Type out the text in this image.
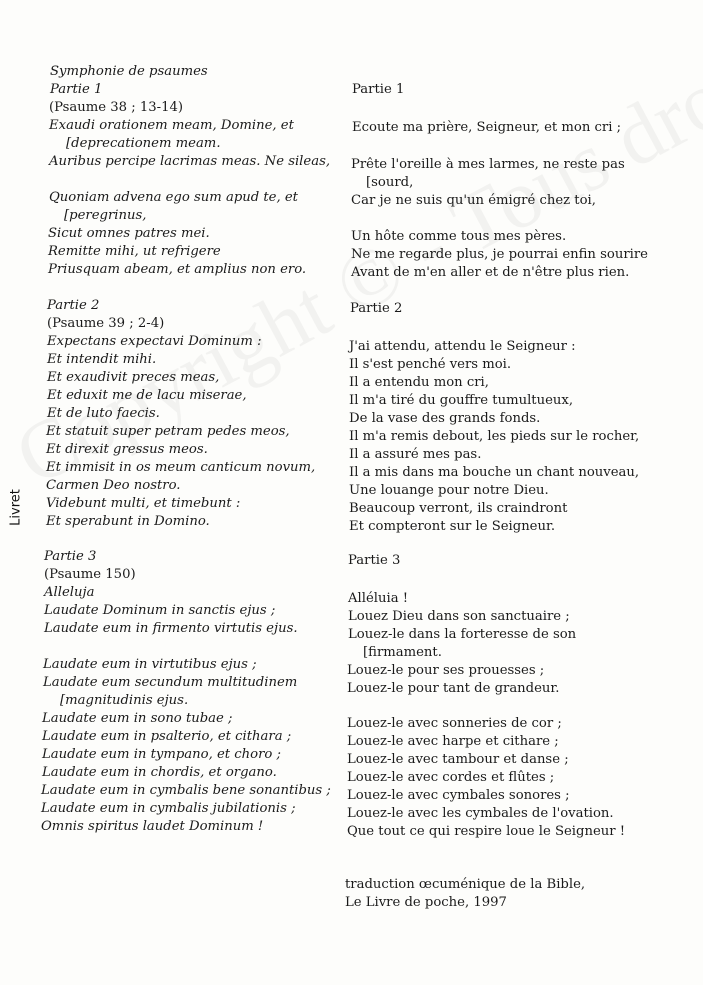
Livret
Symphonie de psaumes
Partie 1
(Psaume 38 ; 13-14)
Exaudi orationem meam, Domine, et
[deprecationem meam.
Auribus percipe lacrimas meas. Ne sileas,
Quoniam advena ego sum apud te, et
[peregrinus,
Sicut omnes patres mei.
Remitte mihi, ut refrigere
Priusquam abeam, et amplius non ero.
Partie 2
(Psaume 39 ; 2-4)
Expectans expectavi Dominum :
Et intendit mihi.
Et exaudivit preces meas,
Et eduxit me de lacu miserae,
Et de luto faecis.
Et statuit super petram pedes meos,
Et direxit gressus meos.
Et immisit in os meum canticum novum,
Carmen Deo nostro.
Videbunt multi, et timebunt :
Et sperabunt in Domino.
Partie 3
(Psaume 150)
Alleluja
Laudate Dominum in sanctis ejus ;
Laudate eum in firmento virtutis ejus.
Laudate eum in virtutibus ejus ;
Laudate eum secundum multitudinem
[magnitudinis ejus.
Laudate eum in sono tubae ;
Laudate eum in psalterio, et cithara ;
Laudate eum in tympano, et choro ;
Laudate eum in chordis, et organo.
Laudate eum in cymbalis bene sonantibus ;
Laudate eum in cymbalis jubilationis ;
Omnis spiritus laudet Dominum !
Partie 1
Ecoute ma prière, Seigneur, et mon cri ;
Prête l'oreille à mes larmes, ne reste pas
[sourd,
Car je ne suis qu'un émigré chez toi,
Un hôte comme tous mes pères.
Ne me regarde plus, je pourrai enfin sourire
Avant de m'en aller et de n'être plus rien.
Partie 2
J'ai attendu, attendu le Seigneur :
Il s'est penché vers moi.
Il a entendu mon cri,
Il m'a tiré du gouffre tumultueux,
De la vase des grands fonds.
Il m'a remis debout, les pieds sur le rocher,
Il a assuré mes pas.
Il a mis dans ma bouche un chant nouveau,
Une louange pour notre Dieu.
Beaucoup verront, ils craindront
Et compteront sur le Seigneur.
Partie 3
Alléluia !
Louez Dieu dans son sanctuaire ;
Louez-le dans la forteresse de son
[firmament.
Louez-le pour ses prouesses ;
Louez-le pour tant de grandeur.
Louez-le avec sonneries de cor ;
Louez-le avec harpe et cithare ;
Louez-le avec tambour et danse ;
Louez-le avec cordes et flûtes ;
Louez-le avec cymbales sonores ;
Louez-le avec les cymbales de l'ovation.
Que tout ce qui respire loue le Seigneur !
traduction œcuménique de la Bible,
Le Livre de poche, 1997
